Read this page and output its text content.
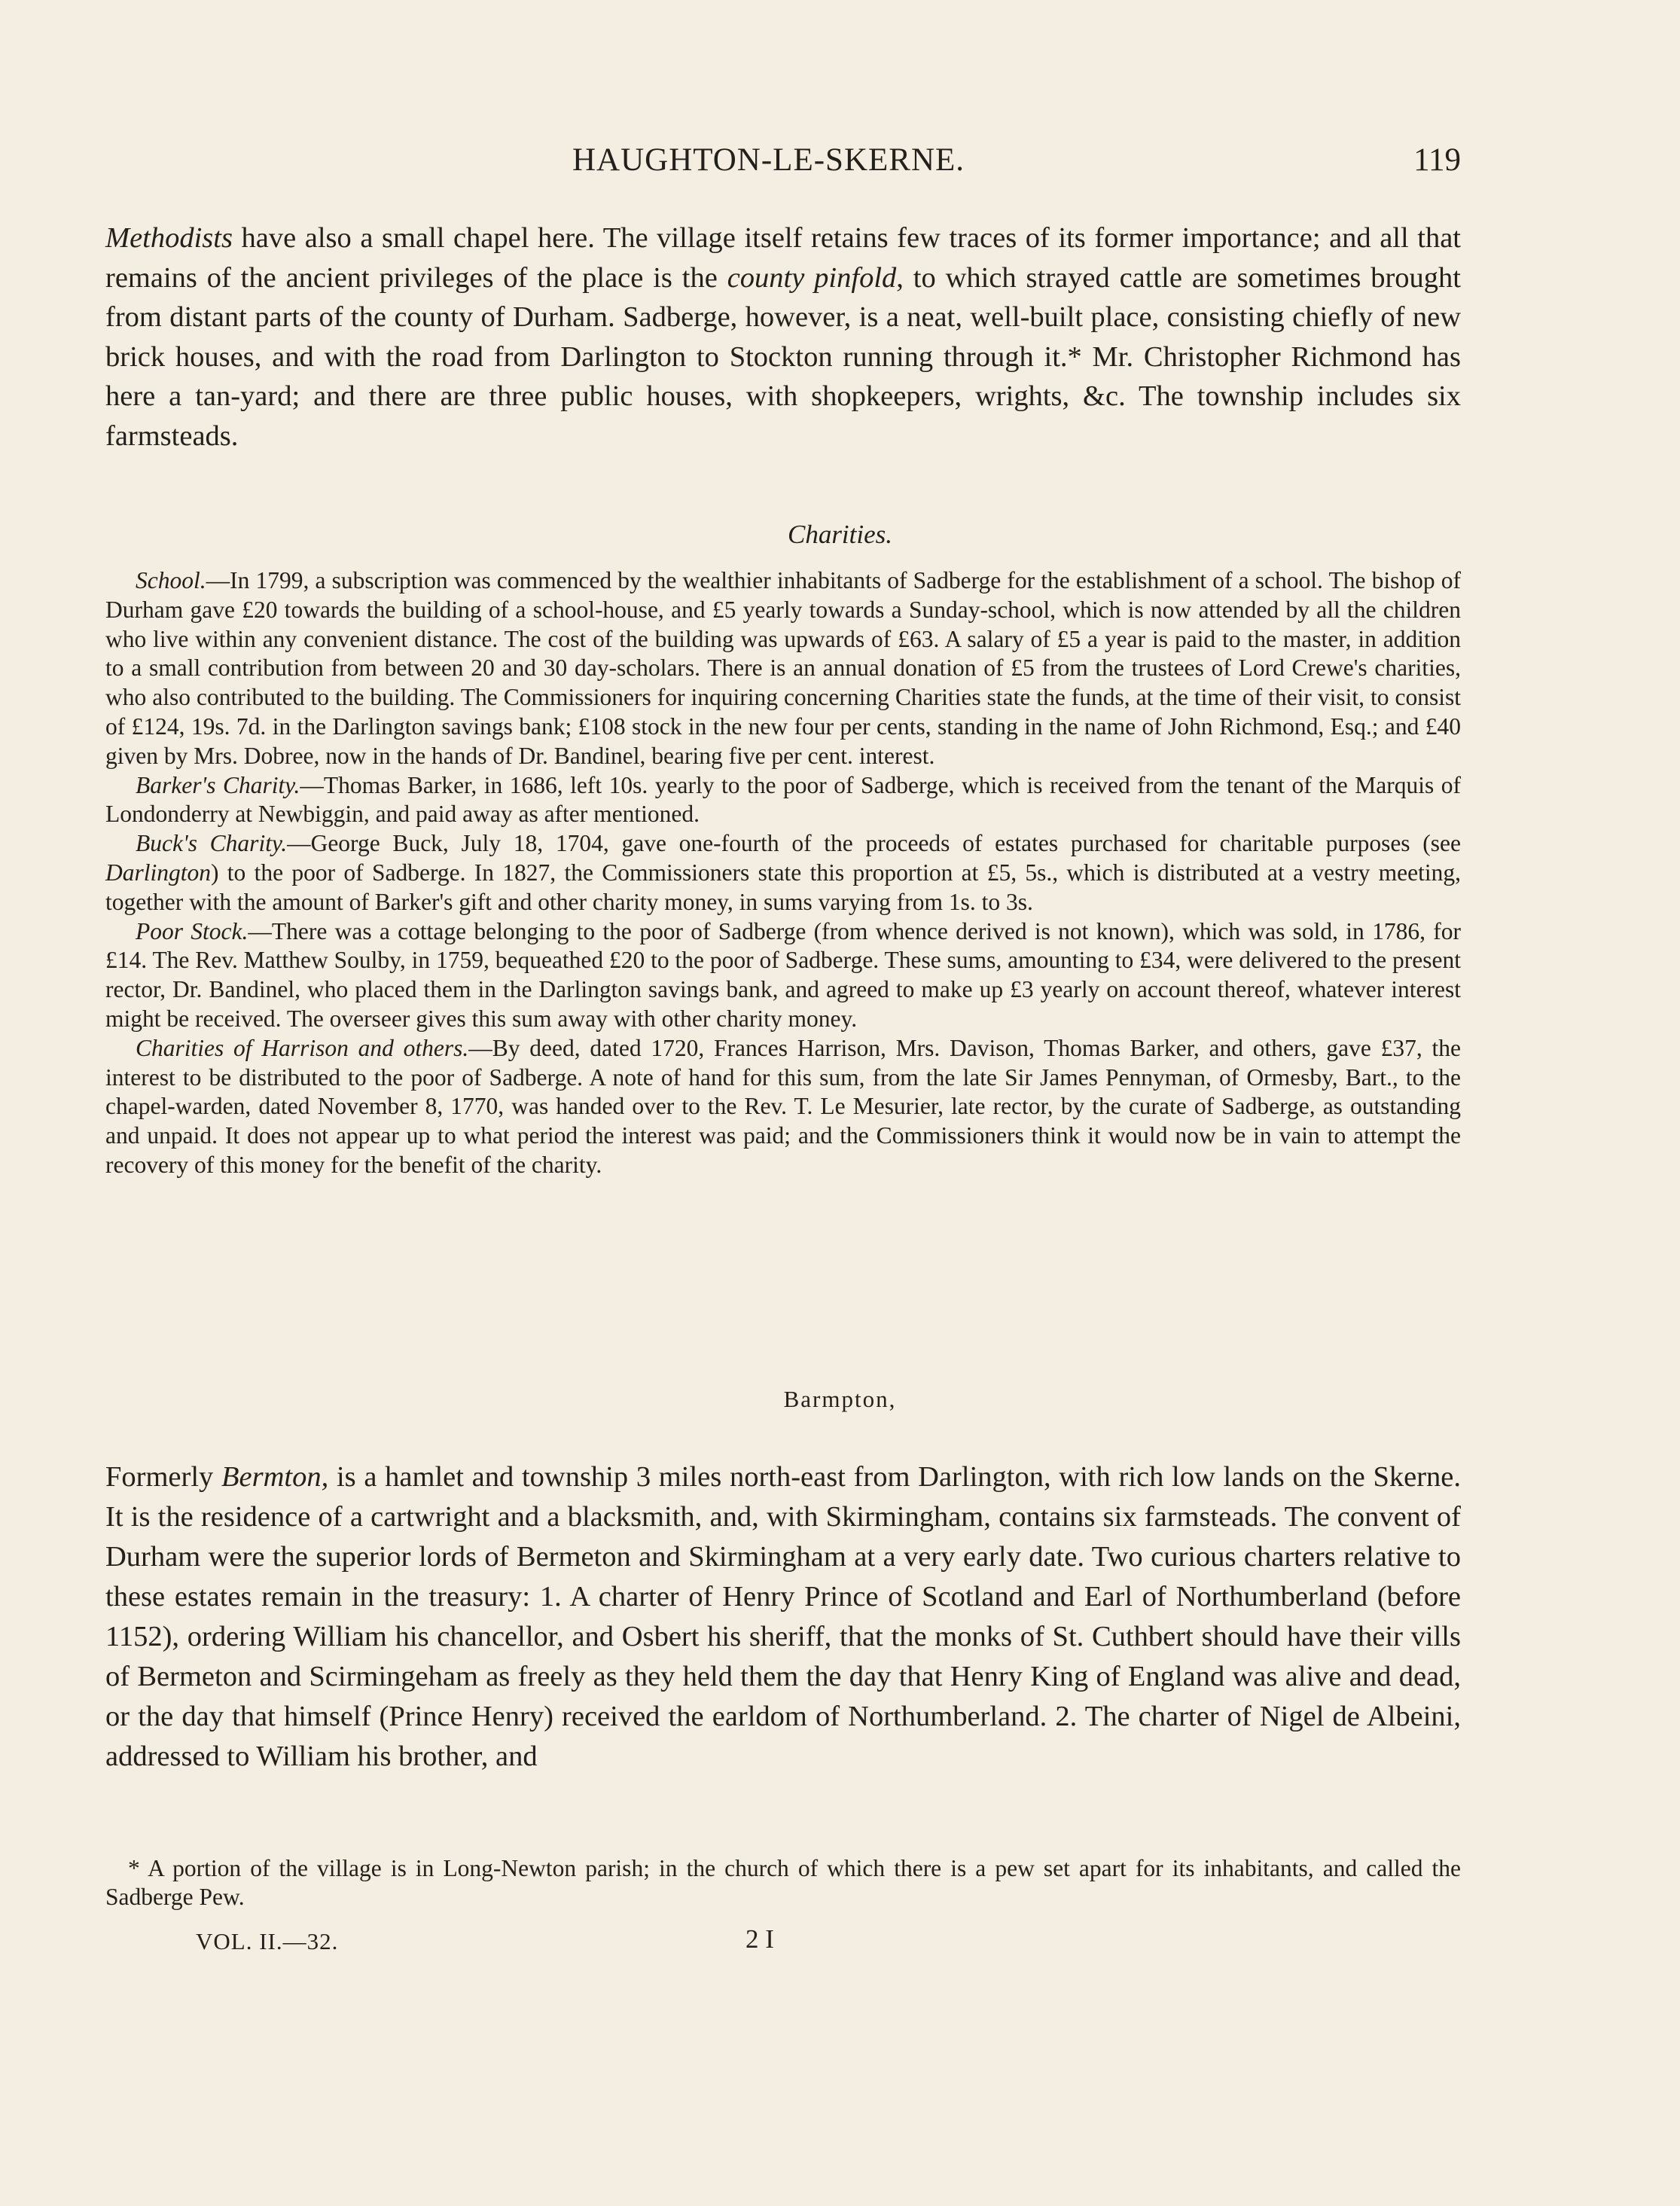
HAUGHTON-LE-SKERNE.	119

Methodists have also a small chapel here. The village itself retains few traces of its former importance; and all that remains of the ancient privileges of the place is the county pinfold, to which strayed cattle are sometimes brought from distant parts of the county of Durham. Sadberge, however, is a neat, well-built place, consisting chiefly of new brick houses, and with the road from Darlington to Stockton running through it.* Mr. Christopher Richmond has here a tan-yard; and there are three public houses, with shopkeepers, wrights, &c. The township includes six farmsteads.

Charities.

School.—In 1799, a subscription was commenced by the wealthier inhabitants of Sadberge for the establishment of a school. The bishop of Durham gave £20 towards the building of a school-house, and £5 yearly towards a Sunday-school, which is now attended by all the children who live within any convenient distance. The cost of the building was upwards of £63. A salary of £5 a year is paid to the master, in addition to a small contribution from between 20 and 30 day-scholars. There is an annual donation of £5 from the trustees of Lord Crewe's charities, who also contributed to the building. The Commissioners for inquiring concerning Charities state the funds, at the time of their visit, to consist of £124, 19s. 7d. in the Darlington savings bank; £108 stock in the new four per cents, standing in the name of John Richmond, Esq.; and £40 given by Mrs. Dobree, now in the hands of Dr. Bandinel, bearing five per cent. interest.

Barker's Charity.—Thomas Barker, in 1686, left 10s. yearly to the poor of Sadberge, which is received from the tenant of the Marquis of Londonderry at Newbiggin, and paid away as after mentioned.

Buck's Charity.—George Buck, July 18, 1704, gave one-fourth of the proceeds of estates purchased for charitable purposes (see Darlington) to the poor of Sadberge. In 1827, the Commissioners state this proportion at £5, 5s., which is distributed at a vestry meeting, together with the amount of Barker's gift and other charity money, in sums varying from 1s. to 3s.

Poor Stock.—There was a cottage belonging to the poor of Sadberge (from whence derived is not known), which was sold, in 1786, for £14. The Rev. Matthew Soulby, in 1759, bequeathed £20 to the poor of Sadberge. These sums, amounting to £34, were delivered to the present rector, Dr. Bandinel, who placed them in the Darlington savings bank, and agreed to make up £3 yearly on account thereof, whatever interest might be received. The overseer gives this sum away with other charity money.

Charities of Harrison and others.—By deed, dated 1720, Frances Harrison, Mrs. Davison, Thomas Barker, and others, gave £37, the interest to be distributed to the poor of Sadberge. A note of hand for this sum, from the late Sir James Pennyman, of Ormesby, Bart., to the chapel-warden, dated November 8, 1770, was handed over to the Rev. T. Le Mesurier, late rector, by the curate of Sadberge, as outstanding and unpaid. It does not appear up to what period the interest was paid; and the Commissioners think it would now be in vain to attempt the recovery of this money for the benefit of the charity.

Barmpton,

Formerly Bermton, is a hamlet and township 3 miles north-east from Darlington, with rich low lands on the Skerne. It is the residence of a cartwright and a blacksmith, and, with Skirmingham, contains six farmsteads. The convent of Durham were the superior lords of Bermeton and Skirmingham at a very early date. Two curious charters relative to these estates remain in the treasury: 1. A charter of Henry Prince of Scotland and Earl of Northumberland (before 1152), ordering William his chancellor, and Osbert his sheriff, that the monks of St. Cuthbert should have their vills of Bermeton and Scirmingeham as freely as they held them the day that Henry King of England was alive and dead, or the day that himself (Prince Henry) received the earldom of Northumberland. 2. The charter of Nigel de Albeini, addressed to William his brother, and

* A portion of the village is in Long-Newton parish; in the church of which there is a pew set apart for its inhabitants, and called the Sadberge Pew.

VOL. II.—32.	2 I
